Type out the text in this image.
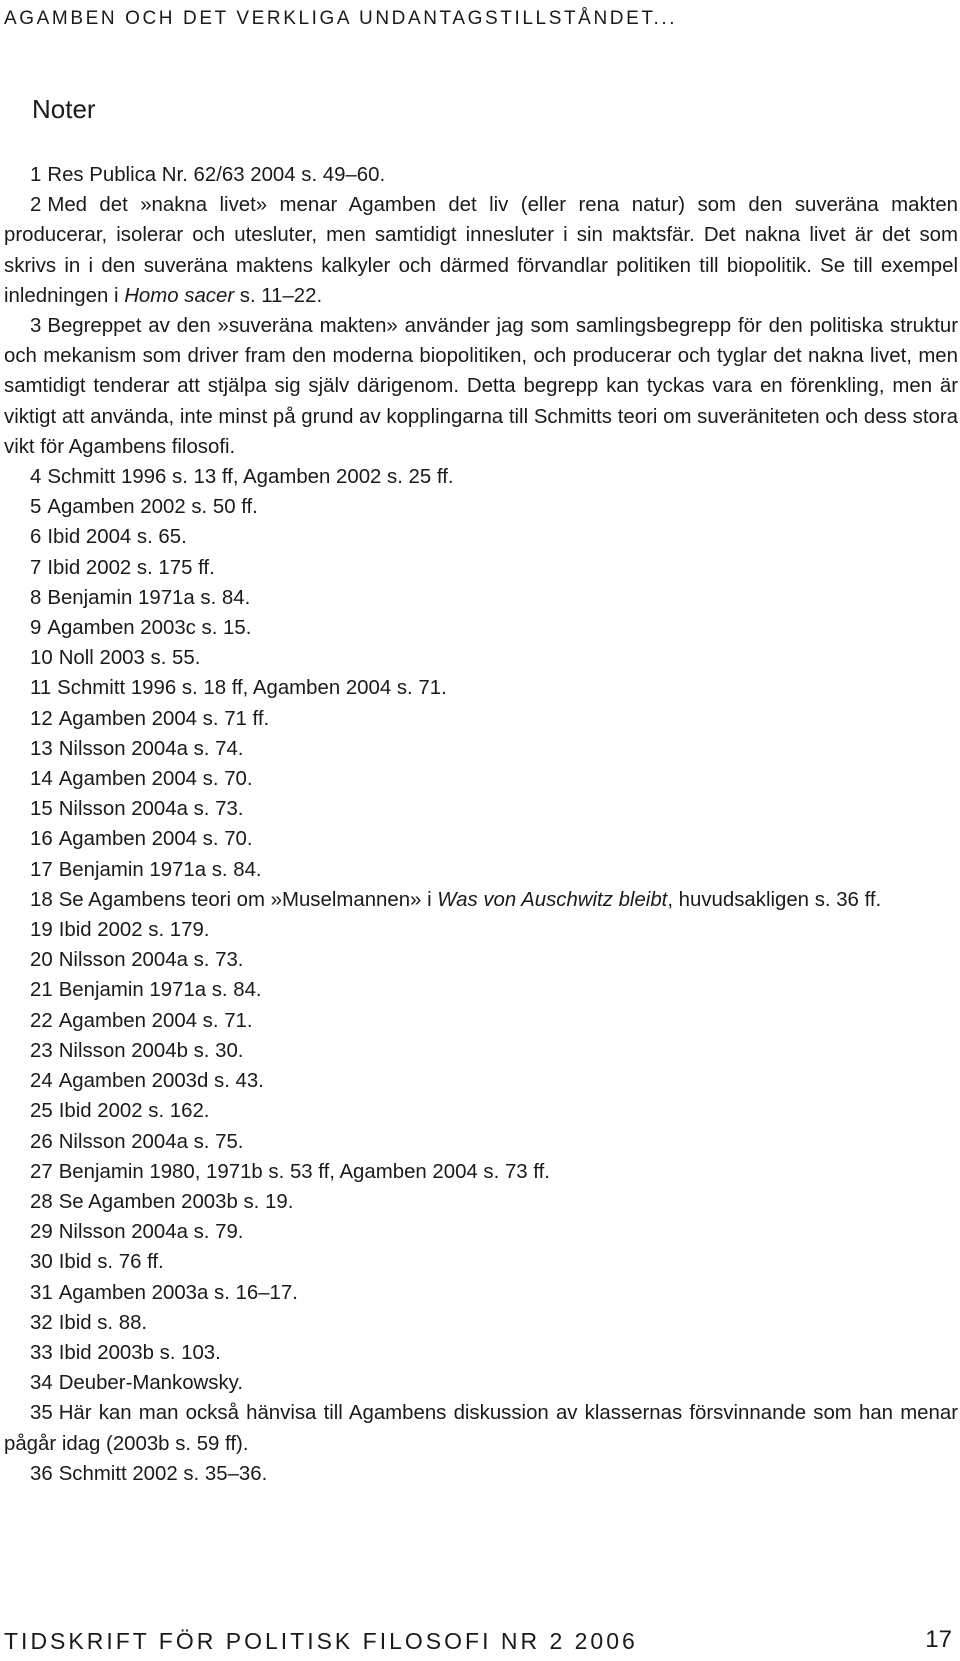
AGAMBEN OCH DET VERKLIGA UNDANTAGSTILLSTÅNDET...
Noter

1 Res Publica Nr. 62/63 2004 s. 49–60.

2 Med det »nakna livet» menar Agamben det liv (eller rena natur) som den suveräna makten producerar, isolerar och utesluter, men samtidigt innesluter i sin maktsfär. Det nakna livet är det som skrivs in i den suveräna maktens kalkyler och därmed förvandlar politiken till biopolitik. Se till exempel inledningen i Homo sacer s. 11–22.

3 Begreppet av den »suveräna makten» använder jag som samlingsbegrepp för den politiska struktur och mekanism som driver fram den moderna biopolitiken, och producerar och tyglar det nakna livet, men samtidigt tenderar att stjälpa sig själv därigenom. Detta begrepp kan tyckas vara en förenkling, men är viktigt att använda, inte minst på grund av kopplingarna till Schmitts teori om suveräniteten och dess stora vikt för Agambens filosofi.

4 Schmitt 1996 s. 13 ff, Agamben 2002 s. 25 ff.

5 Agamben 2002 s. 50 ff.

6 Ibid 2004 s. 65.

7 Ibid 2002 s. 175 ff.

8 Benjamin 1971a s. 84.

9 Agamben 2003c s. 15.

10 Noll 2003 s. 55.

11 Schmitt 1996 s. 18 ff, Agamben 2004 s. 71.

12 Agamben 2004 s. 71 ff.

13 Nilsson 2004a s. 74.

14 Agamben 2004 s. 70.

15 Nilsson 2004a s. 73.

16 Agamben 2004 s. 70.

17 Benjamin 1971a s. 84.

18 Se Agambens teori om »Muselmannen» i Was von Auschwitz bleibt, huvudsakligen s. 36 ff.

19 Ibid 2002 s. 179.

20 Nilsson 2004a s. 73.

21 Benjamin 1971a s. 84.

22 Agamben 2004 s. 71.

23 Nilsson 2004b s. 30.

24 Agamben 2003d s. 43.

25 Ibid 2002 s. 162.

26 Nilsson 2004a s. 75.

27 Benjamin 1980, 1971b s. 53 ff, Agamben 2004 s. 73 ff.

28 Se Agamben 2003b s. 19.

29 Nilsson 2004a s. 79.

30 Ibid s. 76 ff.

31 Agamben 2003a s. 16–17.

32 Ibid s. 88.

33 Ibid 2003b s. 103.

34 Deuber-Mankowsky.

35 Här kan man också hänvisa till Agambens diskussion av klassernas försvinnande som han menar pågår idag (2003b s. 59 ff).

36 Schmitt 2002 s. 35–36.

TIDSKRIFT FÖR POLITISK FILOSOFI NR 2 2006	17
